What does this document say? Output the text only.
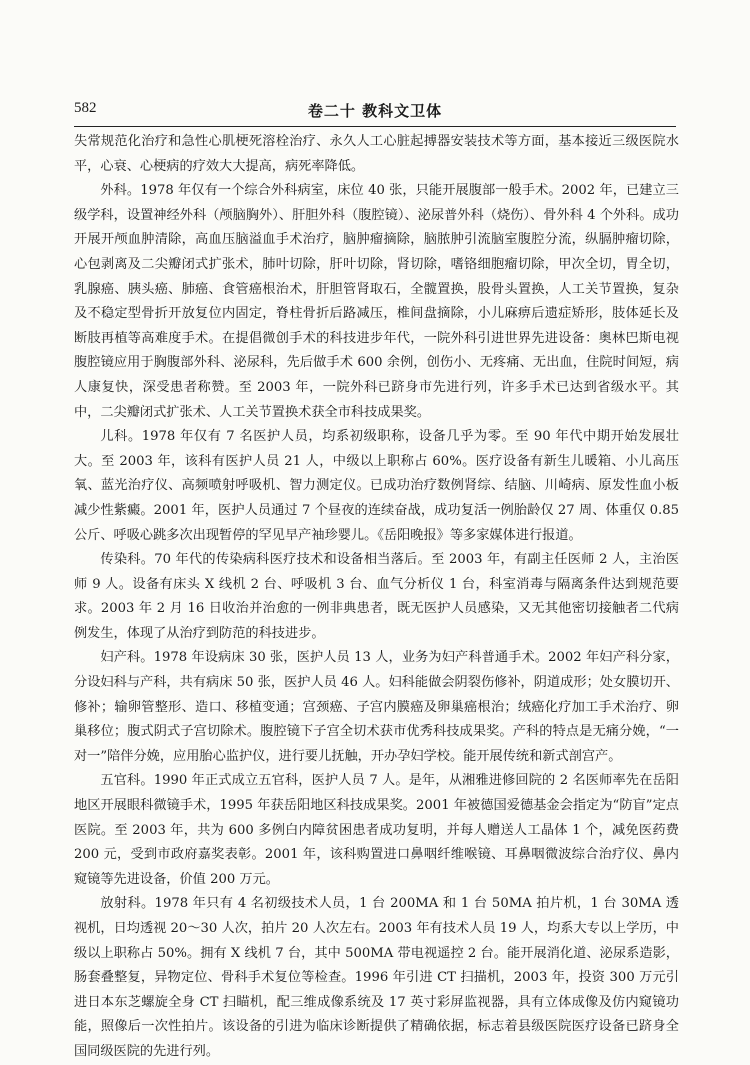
582	卷二十 教科文卫体

失常规范化治疗和急性心肌梗死溶栓治疗、永久人工心脏起搏器安装技术等方面，基本接近三级医院水平，心衰、心梗病的疗效大大提高，病死率降低。

外科。1978 年仅有一个综合外科病室，床位 40 张，只能开展腹部一般手术。2002 年，已建立三级学科，设置神经外科（颅脑胸外）、肝胆外科（腹腔镜）、泌尿普外科（烧伤）、骨外科 4 个外科。成功开展开颅血肿清除，高血压脑溢血手术治疗，脑肿瘤摘除，脑脓肿引流脑室腹腔分流，纵膈肿瘤切除，心包剥离及二尖瓣闭式扩张术，肺叶切除，肝叶切除，肾切除，嗜铬细胞瘤切除，甲次全切，胃全切，乳腺癌、胰头癌、肺癌、食管癌根治术，肝胆管肾取石，全髋置换，股骨头置换，人工关节置换，复杂及不稳定型骨折开放复位内固定，脊柱骨折后路减压，椎间盘摘除，小儿麻痹后遗症矫形，肢体延长及断肢再植等高难度手术。在提倡微创手术的科技进步年代，一院外科引进世界先进设备：奥林巴斯电视腹腔镜应用于胸腹部外科、泌尿科，先后做手术 600 余例，创伤小、无疼痛、无出血，住院时间短，病人康复快，深受患者称赞。至 2003 年，一院外科已跻身市先进行列，许多手术已达到省级水平。其中，二尖瓣闭式扩张术、人工关节置换术获全市科技成果奖。

儿科。1978 年仅有 7 名医护人员，均系初级职称，设备几乎为零。至 90 年代中期开始发展壮大。至 2003 年，该科有医护人员 21 人，中级以上职称占 60%。医疗设备有新生儿暖箱、小儿高压氧、蓝光治疗仪、高频喷射呼吸机、智力测定仪。已成功治疗数例肾综、结脑、川崎病、原发性血小板减少性紫癜。2001 年，医护人员通过 7 个昼夜的连续奋战，成功复活一例胎龄仅 27 周、体重仅 0.85 公斤、呼吸心跳多次出现暂停的罕见早产袖珍婴儿。《岳阳晚报》等多家媒体进行报道。

传染科。70 年代的传染病科医疗技术和设备相当落后。至 2003 年，有副主任医师 2 人，主治医师 9 人。设备有床头 X 线机 2 台、呼吸机 3 台、血气分析仪 1 台，科室消毒与隔离条件达到规范要求。2003 年 2 月 16 日收治并治愈的一例非典患者，既无医护人员感染，又无其他密切接触者二代病例发生，体现了从治疗到防范的科技进步。

妇产科。1978 年设病床 30 张，医护人员 13 人，业务为妇产科普通手术。2002 年妇产科分家，分设妇科与产科，共有病床 50 张，医护人员 46 人。妇科能做会阴裂伤修补，阴道成形；处女膜切开、修补；输卵管整形、造口、移植变通；宫颈癌、子宫内膜癌及卵巢癌根治；绒癌化疗加工手术治疗、卵巢移位；腹式阴式子宫切除术。腹腔镜下子宫全切术获市优秀科技成果奖。产科的特点是无痛分娩，“一对一”陪伴分娩，应用胎心监护仪，进行要儿抚触，开办孕妇学校。能开展传统和新式剖宫产。

五官科。1990 年正式成立五官科，医护人员 7 人。是年，从湘雅进修回院的 2 名医师率先在岳阳地区开展眼科微镜手术，1995 年获岳阳地区科技成果奖。2001 年被德国爱德基金会指定为“防盲”定点医院。至 2003 年，共为 600 多例白内障贫困患者成功复明，并每人赠送人工晶体 1 个，减免医药费 200 元，受到市政府嘉奖表彰。2001 年，该科购置进口鼻咽纤维喉镜、耳鼻咽微波综合治疗仪、鼻内窥镜等先进设备，价值 200 万元。

放射科。1978 年只有 4 名初级技术人员，1 台 200MA 和 1 台 50MA 拍片机，1 台 30MA 透视机，日均透视 20～30 人次，拍片 20 人次左右。2003 年有技术人员 19 人，均系大专以上学历，中级以上职称占 50%。拥有 X 线机 7 台，其中 500MA 带电视遥控 2 台。能开展消化道、泌尿系造影，肠套叠整复，异物定位、骨科手术复位等检查。1996 年引进 CT 扫描机，2003 年，投资 300 万元引进日本东芝螺旋全身 CT 扫瞄机，配三维成像系统及 17 英寸彩屏监视器，具有立体成像及仿内窥镜功能，照像后一次性拍片。该设备的引进为临床诊断提供了精确依据，标志着县级医院医疗设备已跻身全国同级医院的先进行列。
